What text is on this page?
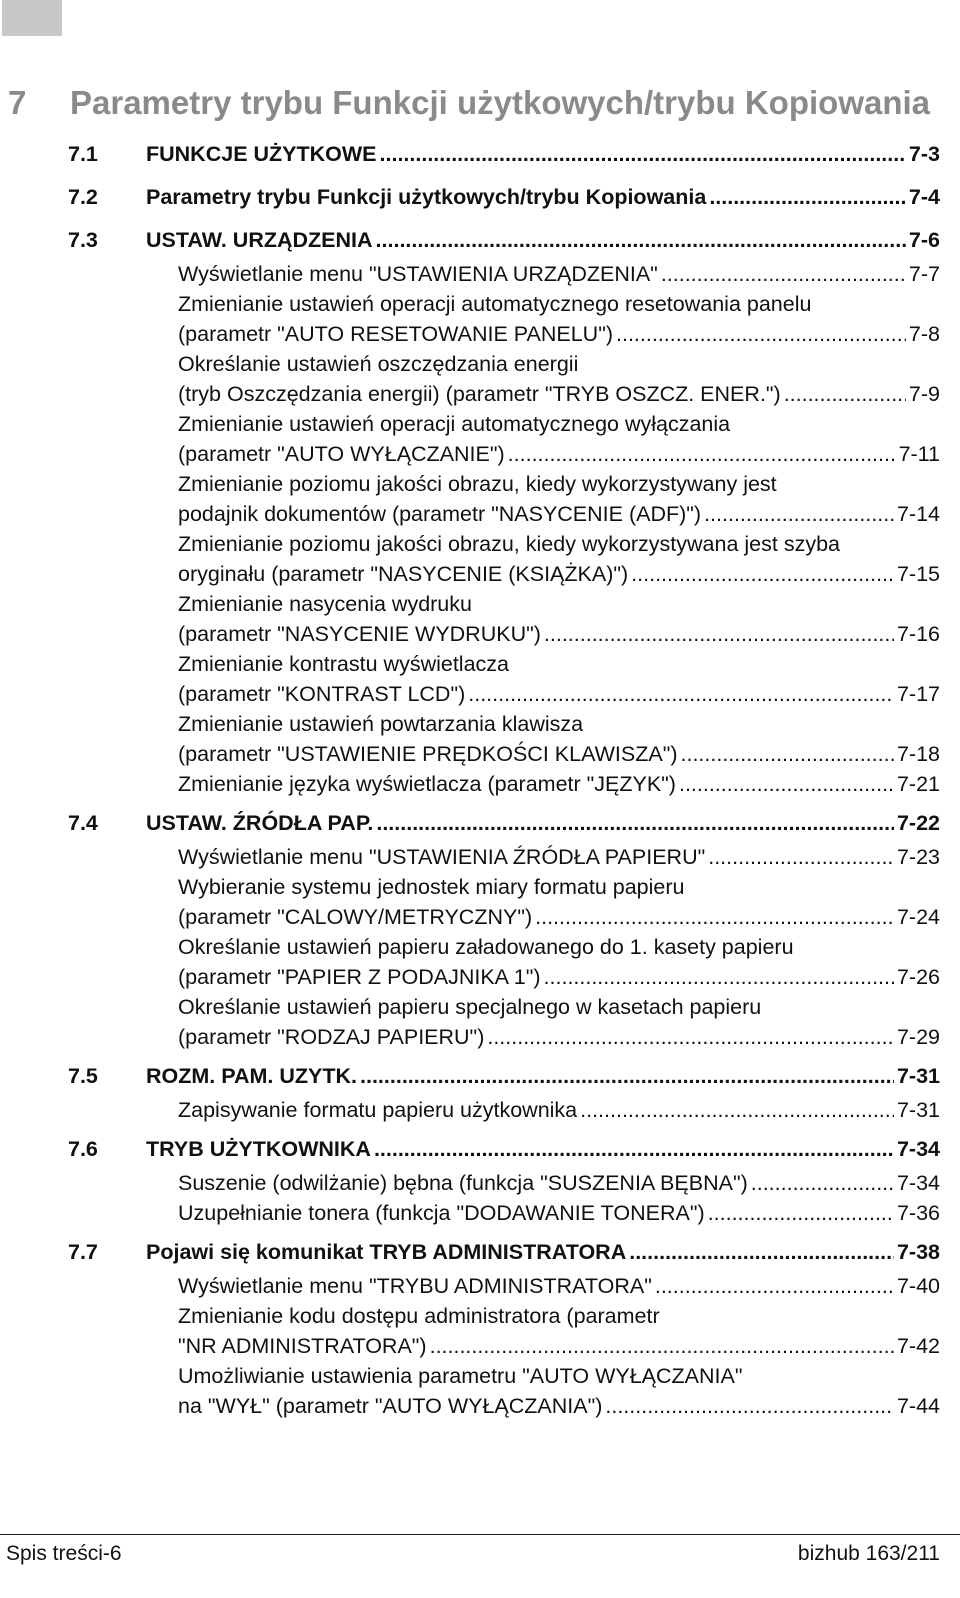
7 Parametry trybu Funkcji użytkowych/trybu Kopiowania
7.1	FUNKCJE UŻYTKOWE .....	7-3
7.2	Parametry trybu Funkcji użytkowych/trybu Kopiowania .....	7-4
7.3	USTAW. URZĄDZENIA .....	7-6
Wyświetlanie menu "USTAWIENIA URZĄDZENIA" .....	7-7
Zmienianie ustawień operacji automatycznego resetowania panelu
(parametr "AUTO RESETOWANIE PANELU") .....	7-8
Określanie ustawień oszczędzania energii
(tryb Oszczędzania energii) (parametr "TRYB OSZCZ. ENER.") .....	7-9
Zmienianie ustawień operacji automatycznego wyłączania
(parametr "AUTO WYŁĄCZANIE") .....	7-11
Zmienianie poziomu jakości obrazu, kiedy wykorzystywany jest
podajnik dokumentów (parametr "NASYCENIE (ADF)") .....	7-14
Zmienianie poziomu jakości obrazu, kiedy wykorzystywana jest szyba
oryginału (parametr "NASYCENIE (KSIĄŻKA)") .....	7-15
Zmienianie nasycenia wydruku
(parametr "NASYCENIE WYDRUKU") .....	7-16
Zmienianie kontrastu wyświetlacza
(parametr "KONTRAST LCD") .....	7-17
Zmienianie ustawień powtarzania klawisza
(parametr "USTAWIENIE PRĘDKOŚCI KLAWISZA") .....	7-18
Zmienianie języka wyświetlacza (parametr "JĘZYK") .....	7-21
7.4	USTAW. ŹRÓDŁA PAP. .....	7-22
Wyświetlanie menu "USTAWIENIA ŹRÓDŁA PAPIERU" .....	7-23
Wybieranie systemu jednostek miary formatu papieru
(parametr "CALOWY/METRYCZNY") .....	7-24
Określanie ustawień papieru załadowanego do 1. kasety papieru
(parametr "PAPIER Z PODAJNIKA 1") .....	7-26
Określanie ustawień papieru specjalnego w kasetach papieru
(parametr "RODZAJ PAPIERU") .....	7-29
7.5	ROZM. PAM. UZYTK. .....	7-31
Zapisywanie formatu papieru użytkownika .....	7-31
7.6	TRYB UŻYTKOWNIKA .....	7-34
Suszenie (odwilżanie) bębna (funkcja "SUSZENIA BĘBNA") .....	7-34
Uzupełnianie tonera (funkcja "DODAWANIE TONERA") .....	7-36
7.7	Pojawi się komunikat TRYB ADMINISTRATORA .....	7-38
Wyświetlanie menu "TRYBU ADMINISTRATORA" .....	7-40
Zmienianie kodu dostępu administratora (parametr
"NR ADMINISTRATORA") .....	7-42
Umożliwianie ustawienia parametru "AUTO WYŁĄCZANIA"
na "WYŁ" (parametr "AUTO WYŁĄCZANIA") .....	7-44
Spis treści-6	bizhub 163/211
